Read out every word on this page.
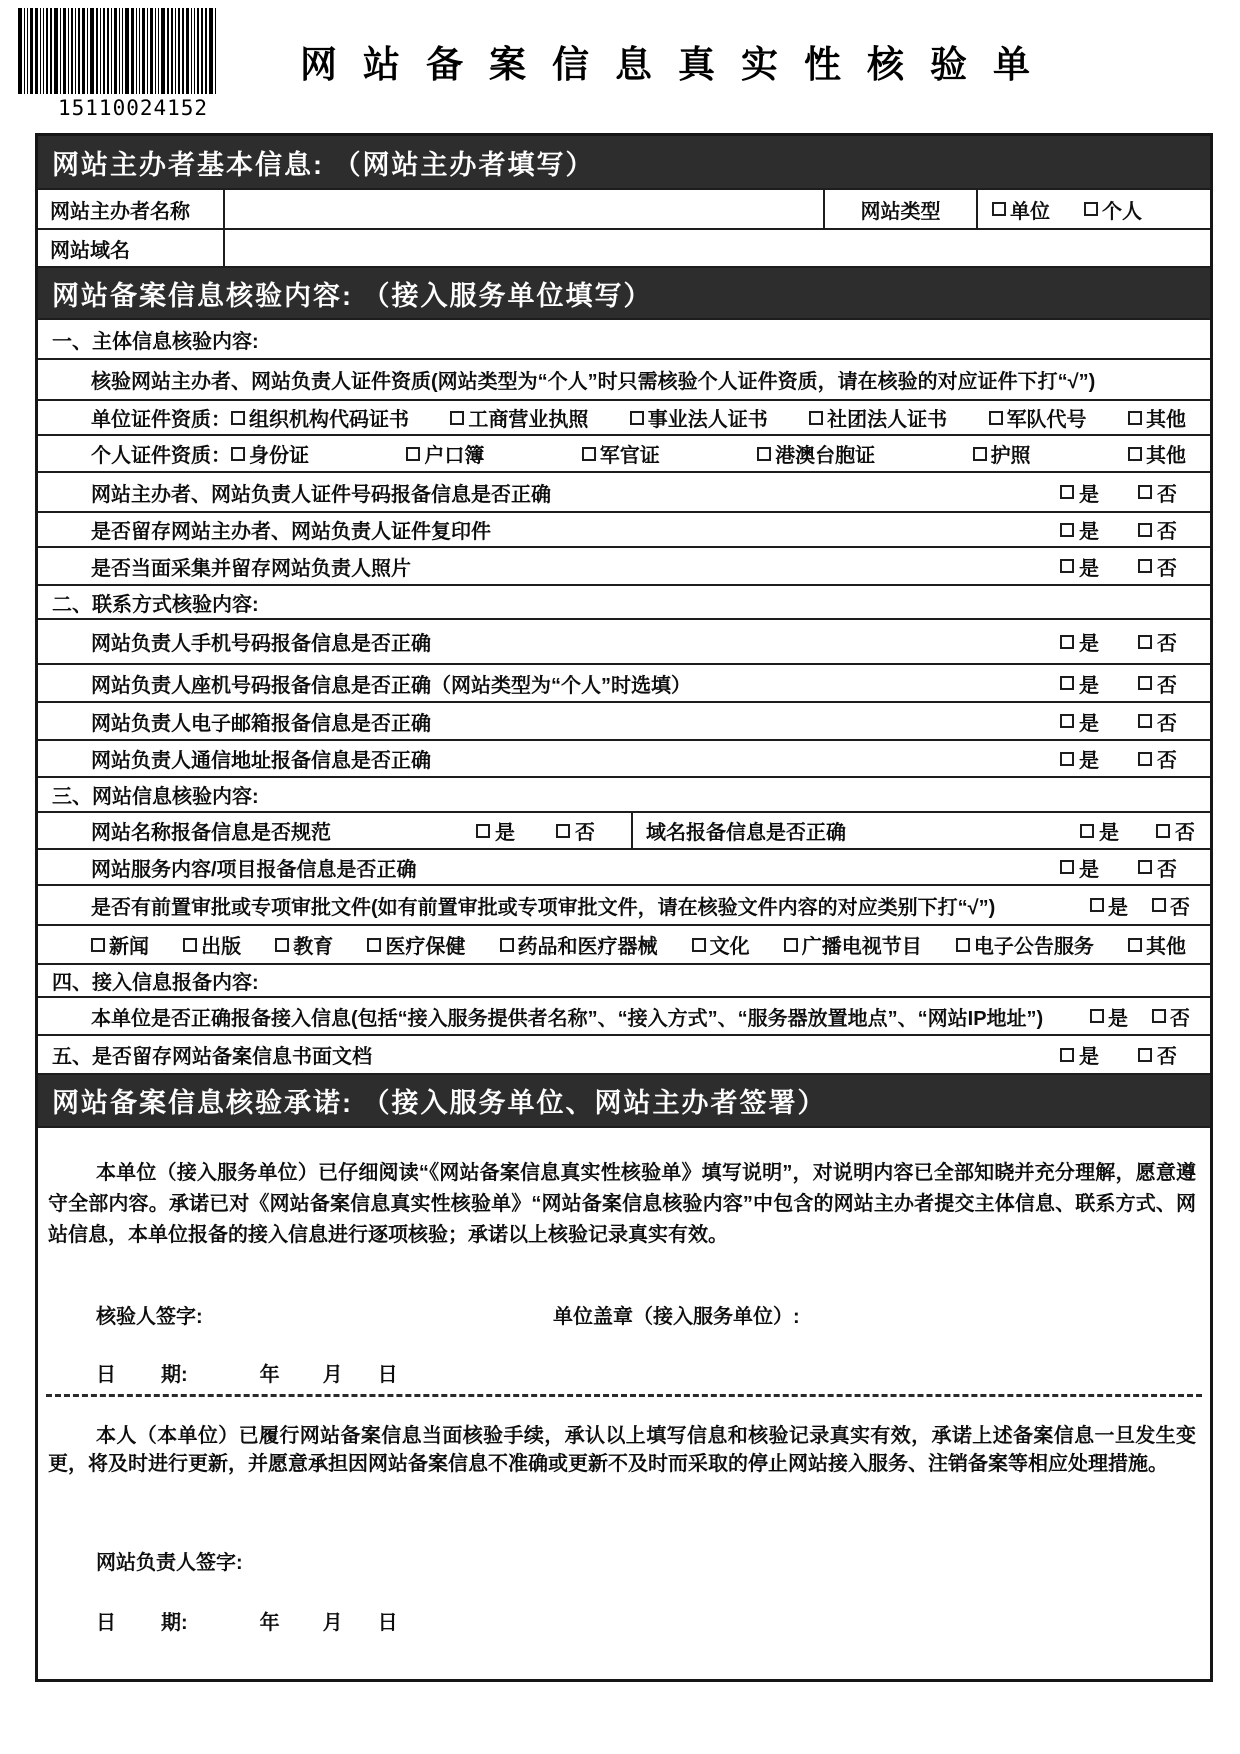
15110024152
网站备案信息真实性核验单
网站主办者基本信息: （网站主办者填写）
网站主办者名称	网站类型	单位	个人
网站域名
网站备案信息核验内容: （接入服务单位填写）
一、主体信息核验内容:
核验网站主办者、网站负责人证件资质(网站类型为“个人”时只需核验个人证件资质，请在核验的对应证件下打“√”)
单位证件资质： 组织机构代码证书	工商营业执照	事业法人证书	社团法人证书	军队代号	其他
个人证件资质： 身份证	户口簿	军官证	港澳台胞证	护照	其他
网站主办者、网站负责人证件号码报备信息是否正确	是	否
是否留存网站主办者、网站负责人证件复印件	是	否
是否当面采集并留存网站负责人照片	是	否
二、联系方式核验内容:
网站负责人手机号码报备信息是否正确	是	否
网站负责人座机号码报备信息是否正确（网站类型为“个人”时选填）	是	否
网站负责人电子邮箱报备信息是否正确	是	否
网站负责人通信地址报备信息是否正确	是	否
三、网站信息核验内容:
网站名称报备信息是否规范	是	否	域名报备信息是否正确	是	否
网站服务内容/项目报备信息是否正确	是	否
是否有前置审批或专项审批文件(如有前置审批或专项审批文件，请在核验文件内容的对应类别下打“√”)	是 否
新闻	出版	教育	医疗保健	药品和医疗器械	文化	广播电视节目	电子公告服务	其他
四、接入信息报备内容:
本单位是否正确报备接入信息(包括“接入服务提供者名称”、“接入方式”、“服务器放置地点”、“网站IP地址”)	是 否
五、是否留存网站备案信息书面文档	是	否
网站备案信息核验承诺: （接入服务单位、网站主办者签署）
本单位（接入服务单位）已仔细阅读“《网站备案信息真实性核验单》填写说明”，对说明内容已全部知晓并充分理解，愿意遵守全部内容。承诺已对《网站备案信息真实性核验单》“网站备案信息核验内容”中包含的网站主办者提交主体信息、联系方式、网站信息，本单位报备的接入信息进行逐项核验；承诺以上核验记录真实有效。
核验人签字:	单位盖章（接入服务单位）:
日 期:	年 月 日
本人（本单位）已履行网站备案信息当面核验手续，承认以上填写信息和核验记录真实有效，承诺上述备案信息一旦发生变更，将及时进行更新，并愿意承担因网站备案信息不准确或更新不及时而采取的停止网站接入服务、注销备案等相应处理措施。
网站负责人签字:
日 期:	年 月 日
